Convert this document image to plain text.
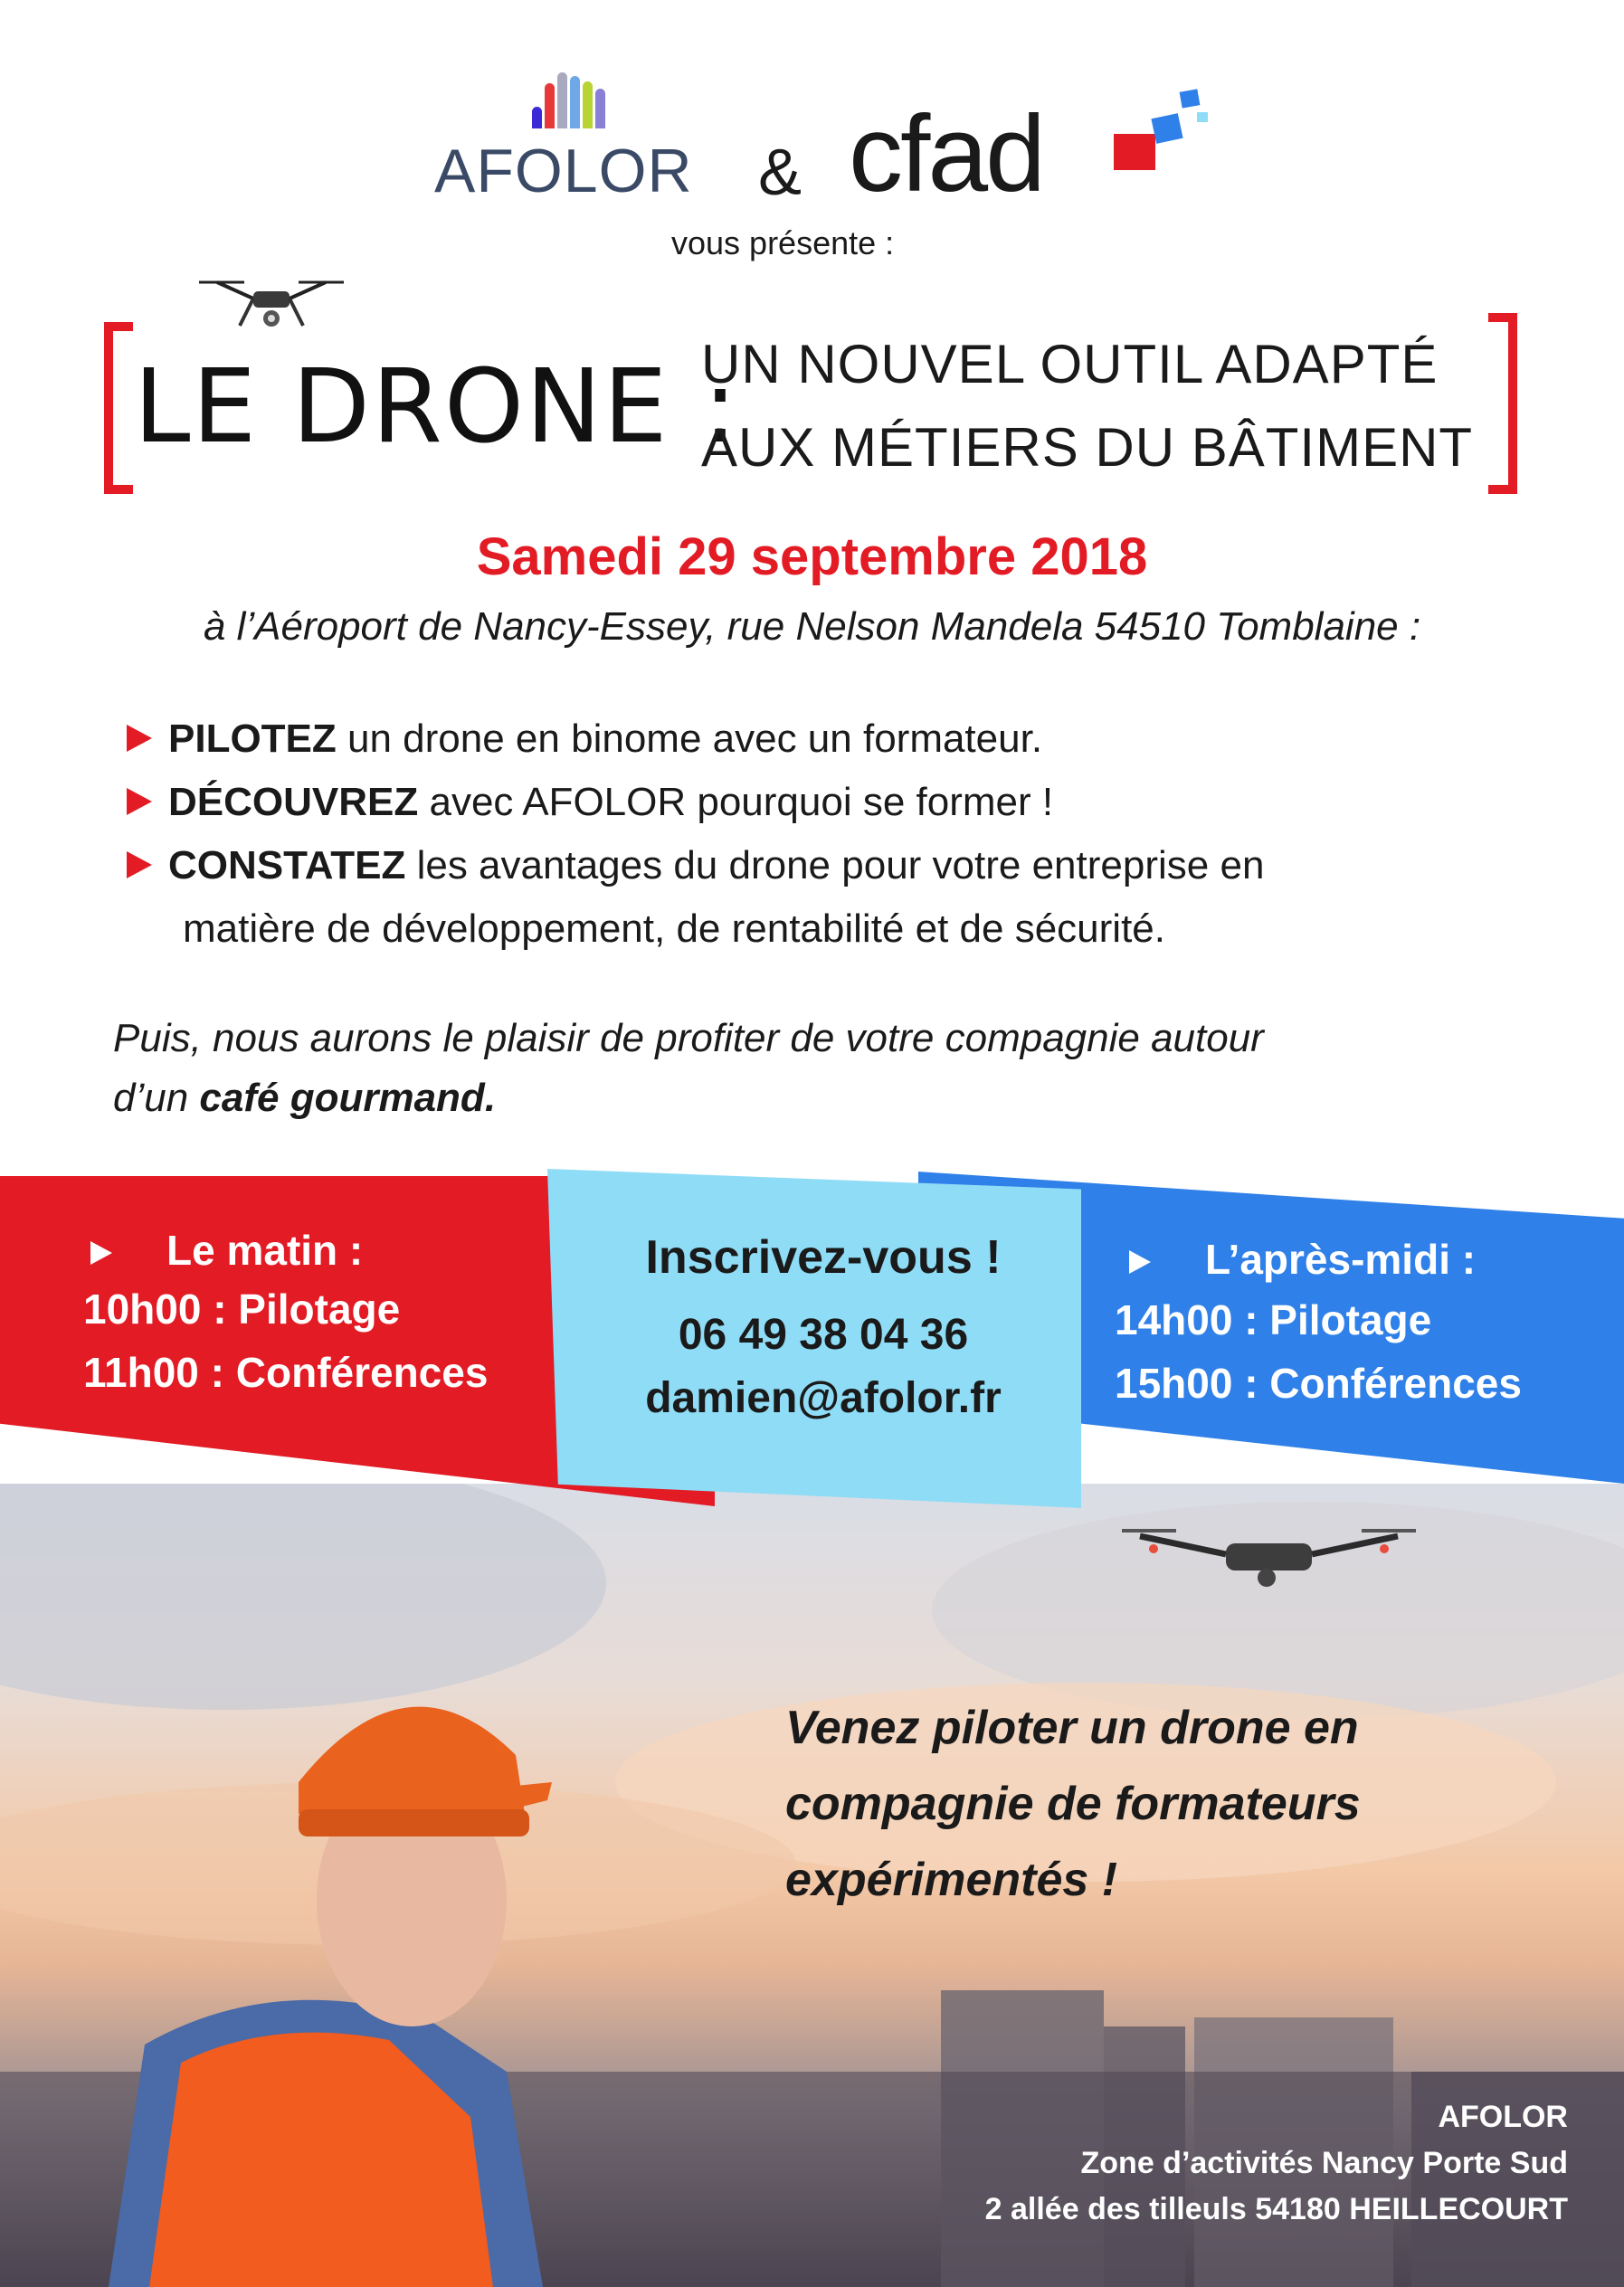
AFOLOR & cfad
vous présente :
LE DRONE :
UN NOUVEL OUTIL ADAPTÉ
AUX MÉTIERS DU BÂTIMENT
Samedi 29 septembre 2018
à l’Aéroport de Nancy-Essey, rue Nelson Mandela 54510 Tomblaine :
PILOTEZ un drone en binome avec un formateur.
DÉCOUVREZ avec AFOLOR pourquoi se former !
CONSTATEZ les avantages du drone pour votre entreprise en
matière de développement, de rentabilité et de sécurité.
Puis, nous aurons le plaisir de profiter de votre compagnie autour
d’un café gourmand.
Le matin :
10h00 : Pilotage
11h00 : Conférences
Inscrivez-vous !
06 49 38 04 36
damien@afolor.fr
L’après-midi :
14h00 : Pilotage
15h00 : Conférences
Venez piloter un drone en
compagnie de formateurs
expérimentés !
AFOLOR
Zone d’activités Nancy Porte Sud
2 allée des tilleuls 54180 HEILLECOURT
